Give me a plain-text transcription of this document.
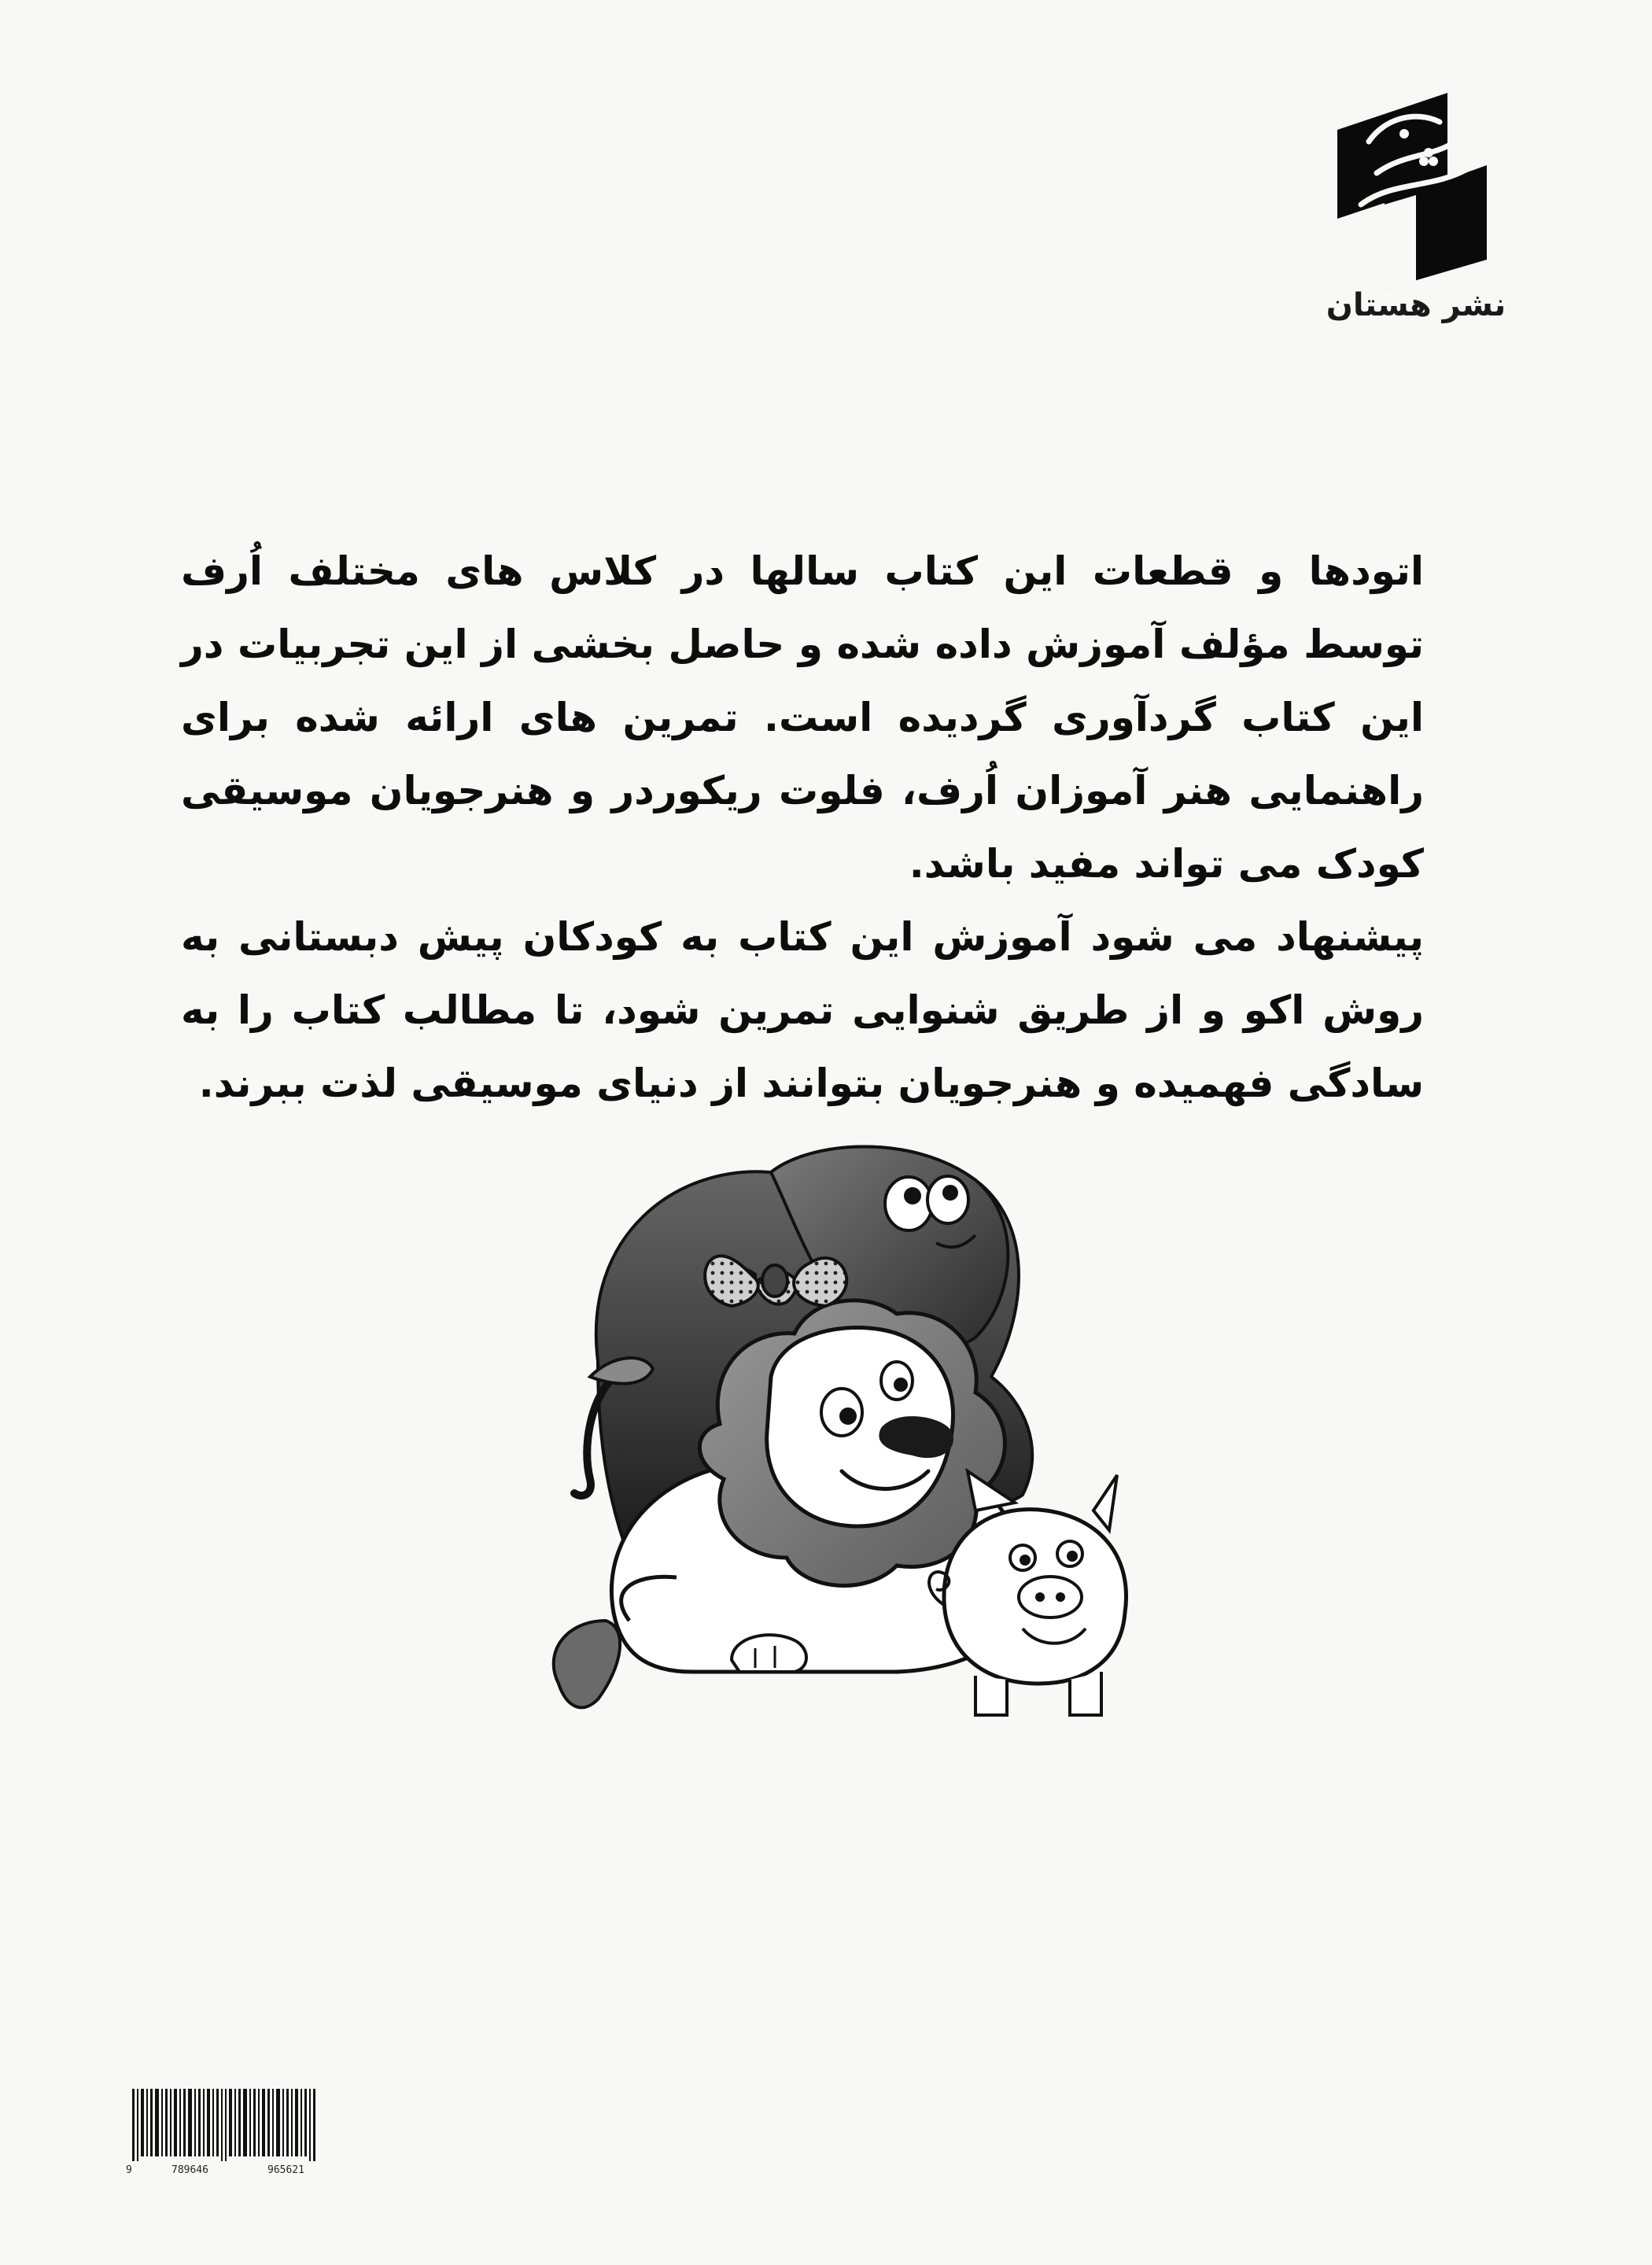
نشر هستان

اتودها و قطعات این کتاب سالها در کلاس های مختلف اُرف توسط مؤلف آموزش داده شده و حاصل بخشی از این تجربیات در این کتاب گردآوری گردیده است. تمرین های ارائه شده برای راهنمایی هنر آموزان اُرف، فلوت ریکوردر و هنرجویان موسیقی کودک می تواند مفید باشد.

پیشنهاد می شود آموزش این کتاب به کودکان پیش دبستانی به روش اکو و از طریق شنوایی تمرین شود، تا مطالب کتاب را به سادگی فهمیده و هنرجویان بتوانند از دنیای موسیقی لذت ببرند.

9	789646	965621
